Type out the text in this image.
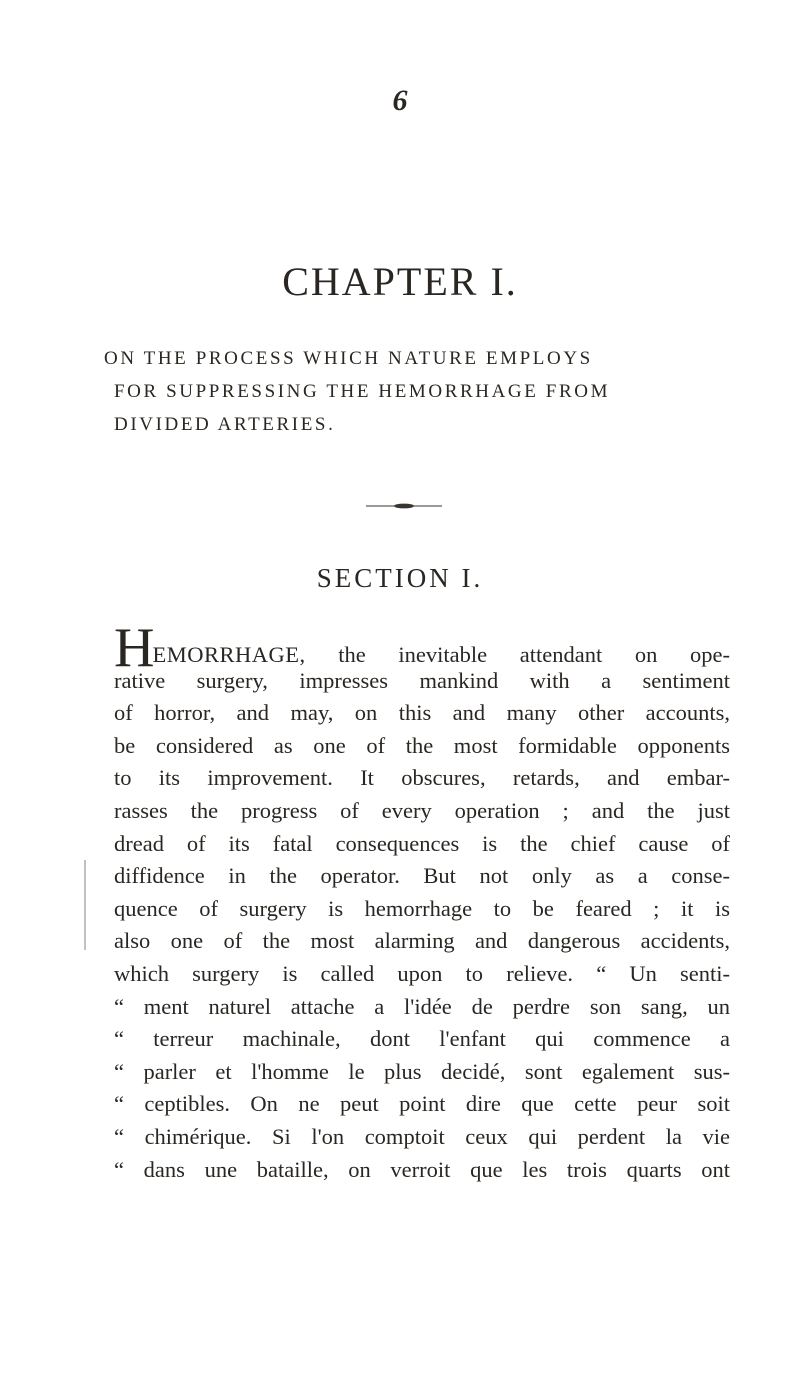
6
CHAPTER I.
ON THE PROCESS WHICH NATURE EMPLOYS
FOR SUPPRESSING THE HEMORRHAGE FROM
DIVIDED ARTERIES.
SECTION I.
HEMORRHAGE, the inevitable attendant on ope-
rative surgery, impresses mankind with a sentiment
of horror, and may, on this and many other accounts,
be considered as one of the most formidable opponents
to its improvement. It obscures, retards, and embar-
rasses the progress of every operation ; and the just
dread of its fatal consequences is the chief cause of
diffidence in the operator. But not only as a conse-
quence of surgery is hemorrhage to be feared ; it is
also one of the most alarming and dangerous accidents,
which surgery is called upon to relieve. “ Un senti-
“ ment naturel attache a l'idée de perdre son sang, un
“ terreur machinale, dont l'enfant qui commence a
“ parler et l'homme le plus decidé, sont egalement sus-
“ ceptibles. On ne peut point dire que cette peur soit
“ chimérique. Si l'on comptoit ceux qui perdent la vie
“ dans une bataille, on verroit que les trois quarts ont
